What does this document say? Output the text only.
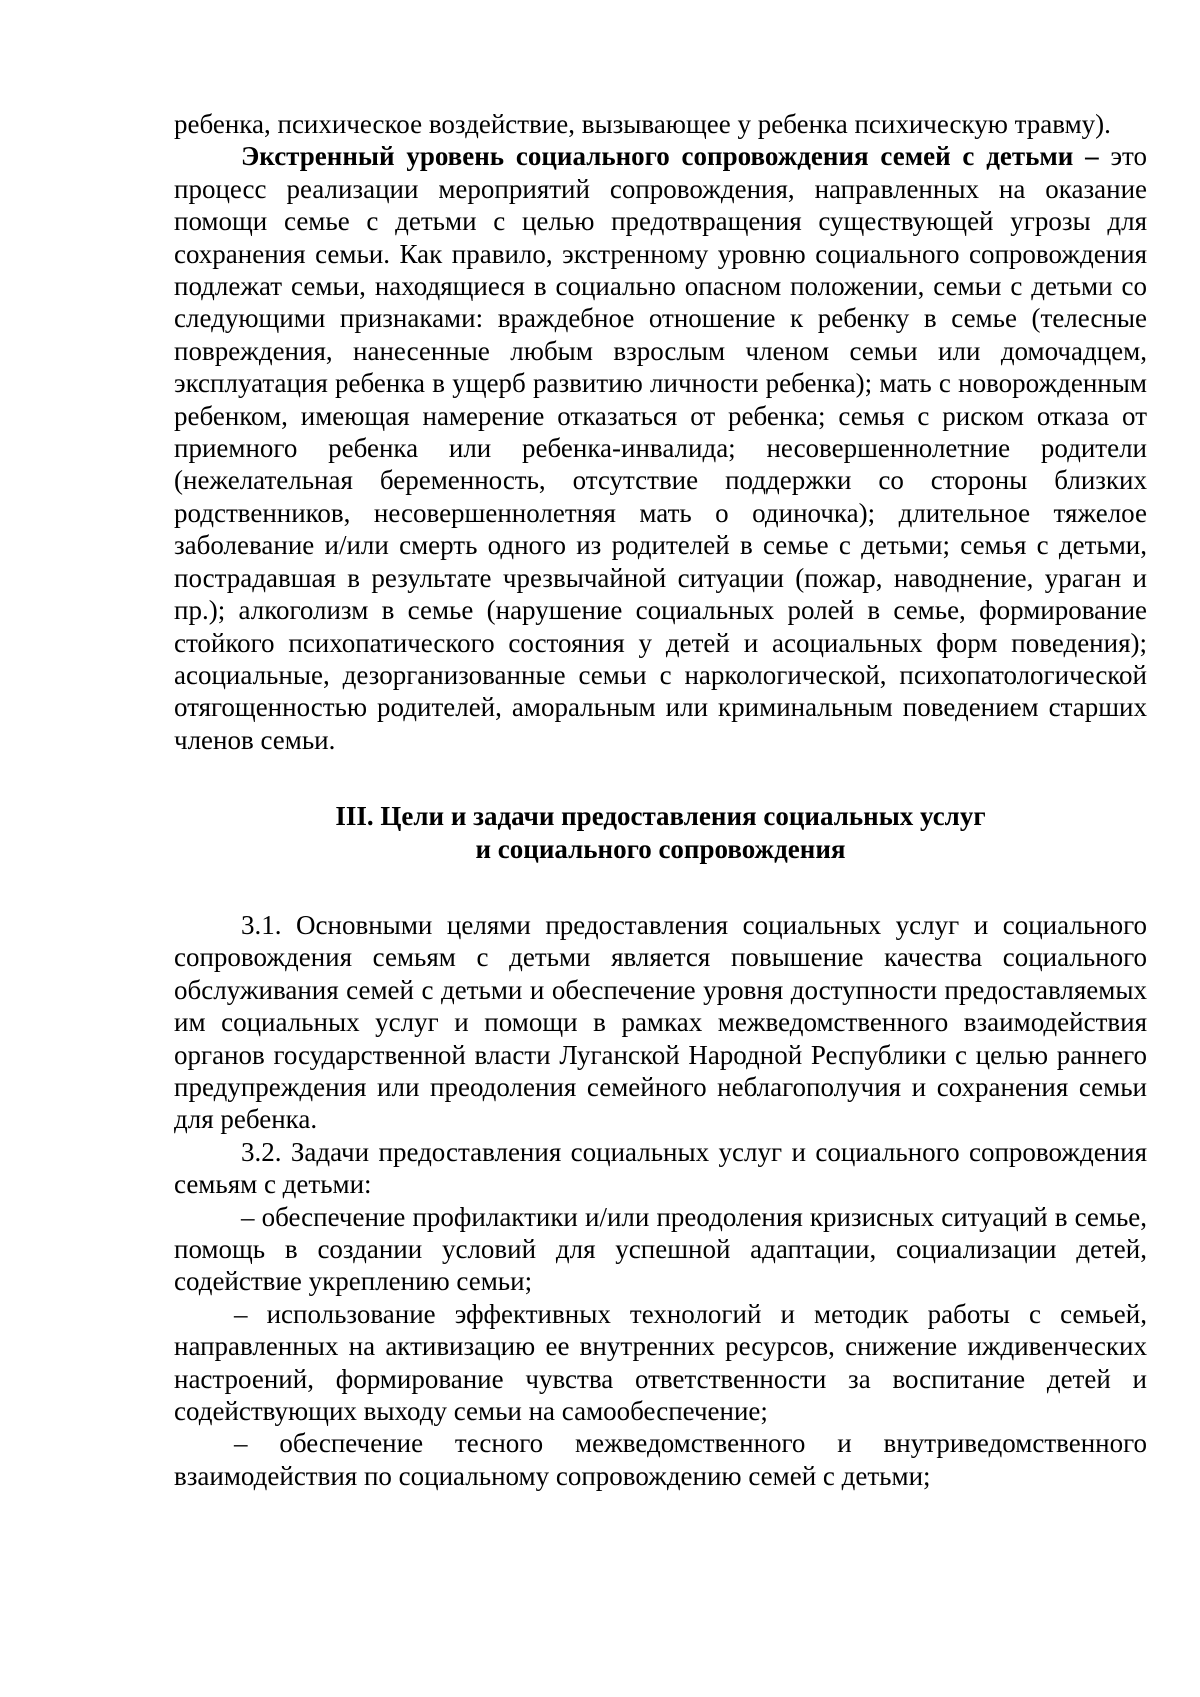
ребенка, психическое воздействие, вызывающее у ребенка психическую травму).

Экстренный уровень социального сопровождения семей с детьми – это процесс реализации мероприятий сопровождения, направленных на оказание помощи семье с детьми с целью предотвращения существующей угрозы для сохранения семьи. Как правило, экстренному уровню социального сопровождения подлежат семьи, находящиеся в социально опасном положении, семьи с детьми со следующими признаками: враждебное отношение к ребенку в семье (телесные повреждения, нанесенные любым взрослым членом семьи или домочадцем, эксплуатация ребенка в ущерб развитию личности ребенка); мать с новорожденным ребенком, имеющая намерение отказаться от ребенка; семья с риском отказа от приемного ребенка или ребенка-инвалида; несовершеннолетние родители (нежелательная беременность, отсутствие поддержки со стороны близких родственников, несовершеннолетняя мать о одиночка); длительное тяжелое заболевание и/или смерть одного из родителей в семье с детьми; семья с детьми, пострадавшая в результате чрезвычайной ситуации (пожар, наводнение, ураган и пр.); алкоголизм в семье (нарушение социальных ролей в семье, формирование стойкого психопатического состояния у детей и асоциальных форм поведения); асоциальные, дезорганизованные семьи с наркологической, психопатологической отягощенностью родителей, аморальным или криминальным поведением старших членов семьи.

III. Цели и задачи предоставления социальных услуг
и социального сопровождения

3.1. Основными целями предоставления социальных услуг и социального сопровождения семьям с детьми является повышение качества социального обслуживания семей с детьми и обеспечение уровня доступности предоставляемых им социальных услуг и помощи в рамках межведомственного взаимодействия органов государственной власти Луганской Народной Республики с целью раннего предупреждения или преодоления семейного неблагополучия и сохранения семьи для ребенка.

3.2. Задачи предоставления социальных услуг и социального сопровождения семьям с детьми:

– обеспечение профилактики и/или преодоления кризисных ситуаций в семье, помощь в создании условий для успешной адаптации, социализации детей, содействие укреплению семьи;

– использование эффективных технологий и методик работы с семьей, направленных на активизацию ее внутренних ресурсов, снижение иждивенческих настроений, формирование чувства ответственности за воспитание детей и содействующих выходу семьи на самообеспечение;

– обеспечение тесного межведомственного и внутриведомственного взаимодействия по социальному сопровождению семей с детьми;
